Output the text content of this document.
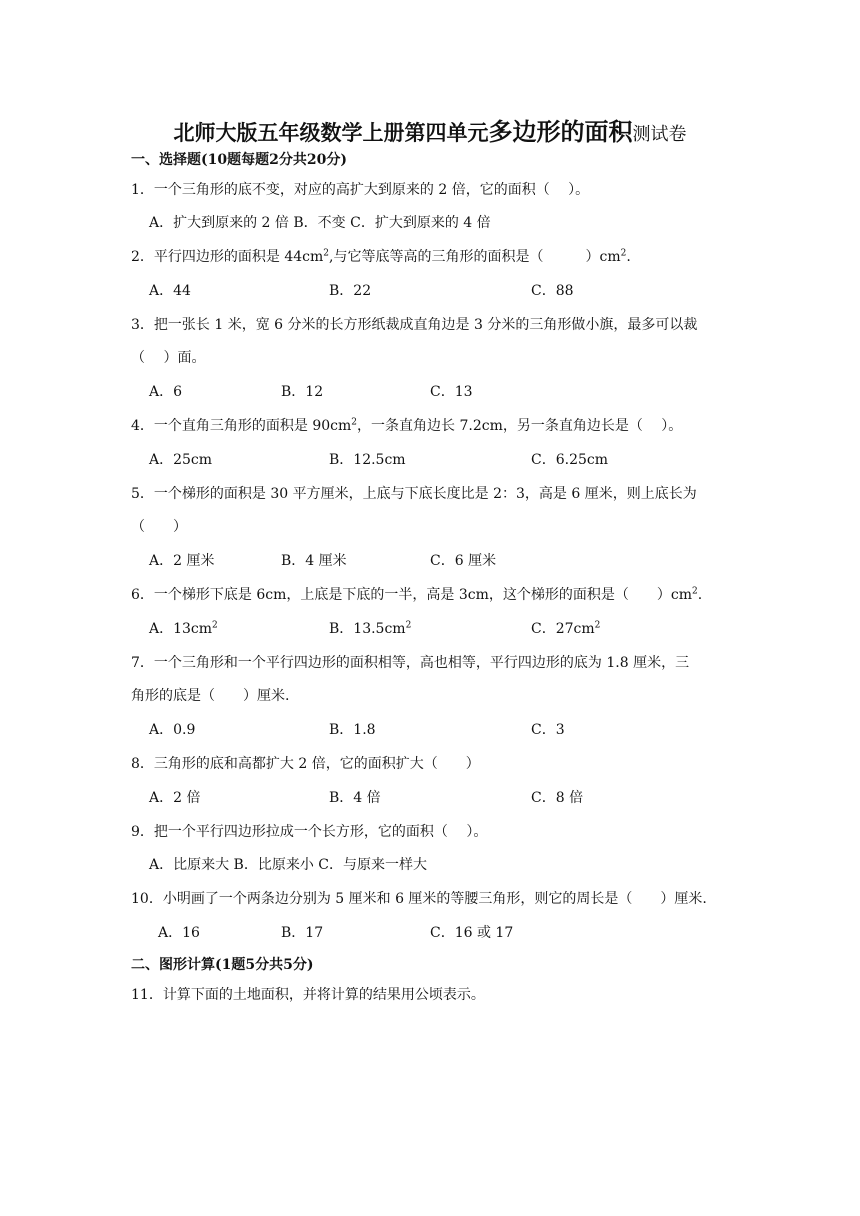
北师大版五年级数学上册第四单元多边形的面积测试卷
一、选择题(10题每题2分共20分)
1．一个三角形的底不变，对应的高扩大到原来的 2 倍，它的面积（　 ）。
A．扩大到原来的 2 倍 B．不变 C．扩大到原来的 4 倍
2．平行四边形的面积是 $44cm^2$,与它等底等高的三角形的面积是（　　　）$cm^2$.
A．44	B．22	C．88
3．把一张长 1 米，宽 6 分米的长方形纸裁成直角边是 3 分米的三角形做小旗，最多可以裁
（　 ）面。
A．6	B．12	C．13
4．一个直角三角形的面积是 $90cm^2$，一条直角边长 7.2cm，另一条直角边长是（　 ）。
A．25cm	B．12.5cm	C．6.25cm
5．一个梯形的面积是 30 平方厘米，上底与下底长度比是 2：3，高是 6 厘米，则上底长为
（　　）
A．2 厘米	B．4 厘米	C．6 厘米
6．一个梯形下底是 6cm，上底是下底的一半，高是 3cm，这个梯形的面积是（　　）$cm^2$.
A．$13cm^2$	B．$13.5cm^2$	C．$27cm^2$
7．一个三角形和一个平行四边形的面积相等，高也相等，平行四边形的底为 1.8 厘米，三
角形的底是（　　）厘米.
A．0.9	B．1.8	C．3
8．三角形的底和高都扩大 2 倍，它的面积扩大（　　）
A．2 倍	B．4 倍	C．8 倍
9．把一个平行四边形拉成一个长方形，它的面积（　 ）。
A．比原来大 B．比原来小 C．与原来一样大
10．小明画了一个两条边分别为 5 厘米和 6 厘米的等腰三角形，则它的周长是（　　）厘米.
A．16	B．17	C．16 或 17
二、图形计算(1题5分共5分)
11．计算下面的土地面积，并将计算的结果用公顷表示。
